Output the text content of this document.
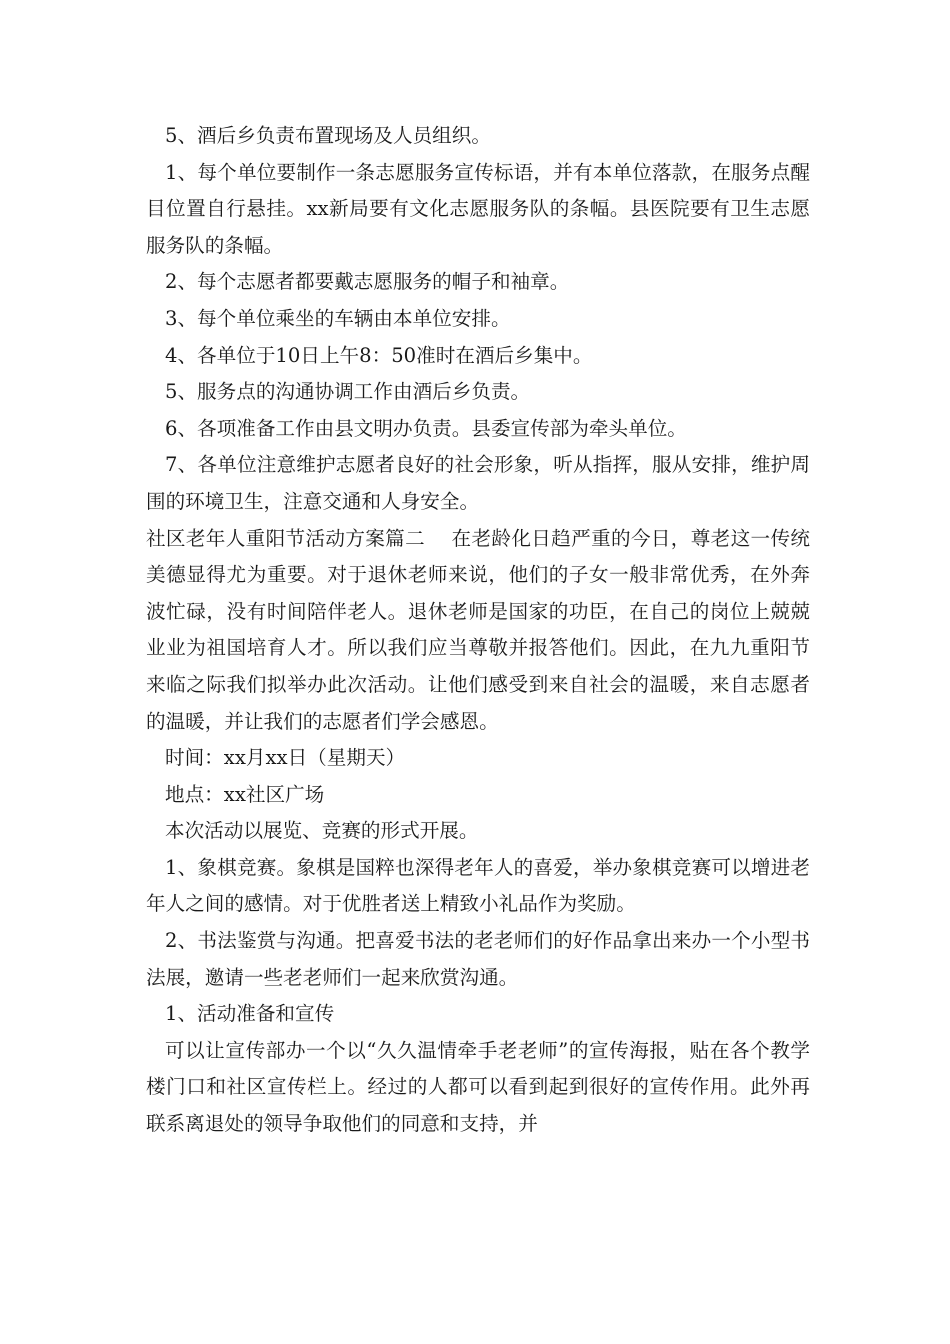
5、酒后乡负责布置现场及人员组织。

1、每个单位要制作一条志愿服务宣传标语，并有本单位落款，在服务点醒目位置自行悬挂。xx新局要有文化志愿服务队的条幅。县医院要有卫生志愿服务队的条幅。

2、每个志愿者都要戴志愿服务的帽子和袖章。

3、每个单位乘坐的车辆由本单位安排。

4、各单位于10日上午8：50准时在酒后乡集中。

5、服务点的沟通协调工作由酒后乡负责。

6、各项准备工作由县文明办负责。县委宣传部为牵头单位。

7、各单位注意维护志愿者良好的社会形象，听从指挥，服从安排，维护周围的环境卫生，注意交通和人身安全。

社区老年人重阳节活动方案篇二　 在老龄化日趋严重的今日，尊老这一传统美德显得尤为重要。对于退休老师来说，他们的子女一般非常优秀，在外奔波忙碌，没有时间陪伴老人。退休老师是国家的功臣，在自己的岗位上兢兢业业为祖国培育人才。所以我们应当尊敬并报答他们。因此，在九九重阳节来临之际我们拟举办此次活动。让他们感受到来自社会的温暖，来自志愿者的温暖，并让我们的志愿者们学会感恩。

时间：xx月xx日（星期天）

地点：xx社区广场

本次活动以展览、竞赛的形式开展。

1、象棋竞赛。象棋是国粹也深得老年人的喜爱，举办象棋竞赛可以增进老年人之间的感情。对于优胜者送上精致小礼品作为奖励。

2、书法鉴赏与沟通。把喜爱书法的老老师们的好作品拿出来办一个小型书法展，邀请一些老老师们一起来欣赏沟通。

1、活动准备和宣传

可以让宣传部办一个以“久久温情牵手老老师”的宣传海报，贴在各个教学楼门口和社区宣传栏上。经过的人都可以看到起到很好的宣传作用。此外再联系离退处的领导争取他们的同意和支持，并
